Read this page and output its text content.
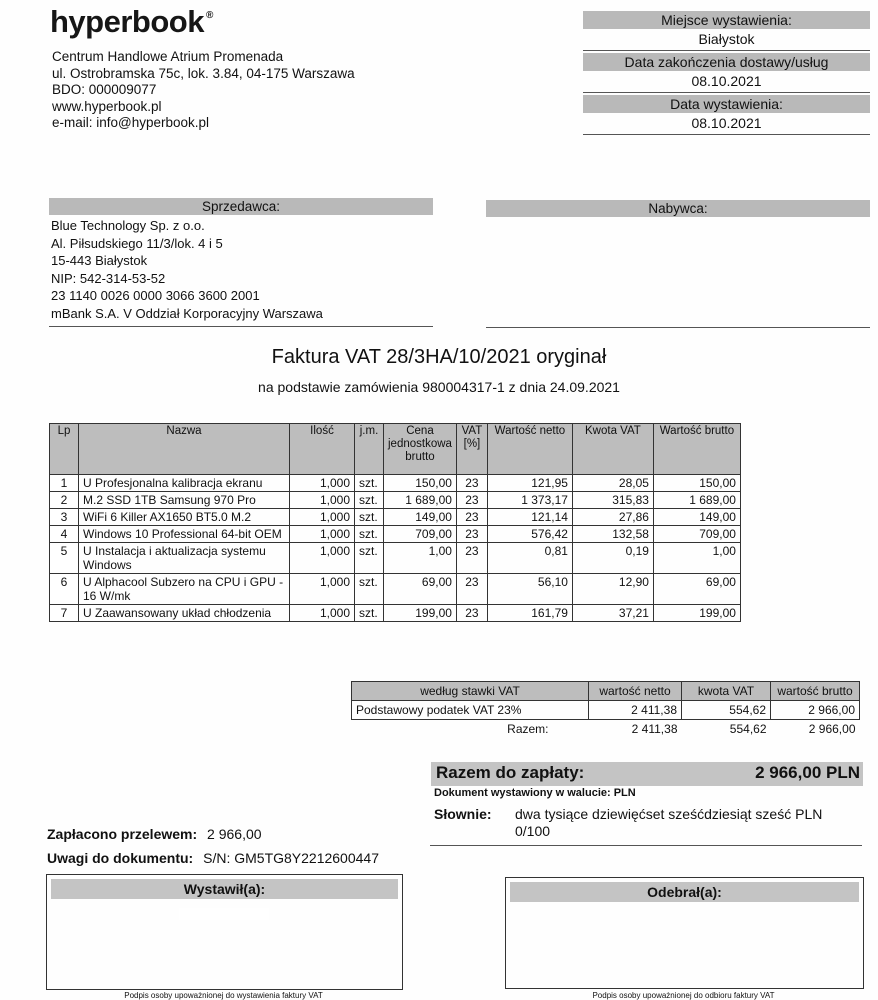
hyperbook ®
Centrum Handlowe Atrium Promenada
ul. Ostrobramska 75c, lok. 3.84, 04-175 Warszawa
BDO: 000009077
www.hyperbook.pl
e-mail: info@hyperbook.pl
Miejsce wystawienia:
Białystok
Data zakończenia dostawy/usług
08.10.2021
Data wystawienia:
08.10.2021
Sprzedawca:
Blue Technology Sp. z o.o.
Al. Piłsudskiego 11/3/lok. 4 i 5
15-443 Białystok
NIP: 542-314-53-52
23 1140 0026 0000 3066 3600 2001
mBank S.A. V Oddział Korporacyjny Warszawa
Nabywca:
Faktura VAT 28/3HA/10/2021 oryginał
na podstawie zamówienia 980004317-1 z dnia 24.09.2021
Lp	Nazwa	Ilość	j.m.	Cena jednostkowa brutto	VAT [%]	Wartość netto	Kwota VAT	Wartość brutto
1	U Profesjonalna kalibracja ekranu	1,000	szt.	150,00	23	121,95	28,05	150,00
2	M.2 SSD 1TB Samsung 970 Pro	1,000	szt.	1 689,00	23	1 373,17	315,83	1 689,00
3	WiFi 6 Killer AX1650 BT5.0 M.2	1,000	szt.	149,00	23	121,14	27,86	149,00
4	Windows 10 Professional 64-bit OEM	1,000	szt.	709,00	23	576,42	132,58	709,00
5	U Instalacja i aktualizacja systemu Windows	1,000	szt.	1,00	23	0,81	0,19	1,00
6	U Alphacool Subzero na CPU i GPU - 16 W/mk	1,000	szt.	69,00	23	56,10	12,90	69,00
7	U Zaawansowany układ chłodzenia	1,000	szt.	199,00	23	161,79	37,21	199,00
według stawki VAT	wartość netto	kwota VAT	wartość brutto
Podstawowy podatek VAT 23%	2 411,38	554,62	2 966,00
Razem:	2 411,38	554,62	2 966,00
Razem do zapłaty:	2 966,00 PLN
Dokument wystawiony w walucie: PLN
Słownie: dwa tysiące dziewięćset sześćdziesiąt sześć PLN 0/100
Zapłacono przelewem: 2 966,00
Uwagi do dokumentu: S/N: GM5TG8Y2212600447
Wystawił(a):
Podpis osoby upoważnionej do wystawienia faktury VAT
Odebrał(a):
Podpis osoby upoważnionej do odbioru faktury VAT
